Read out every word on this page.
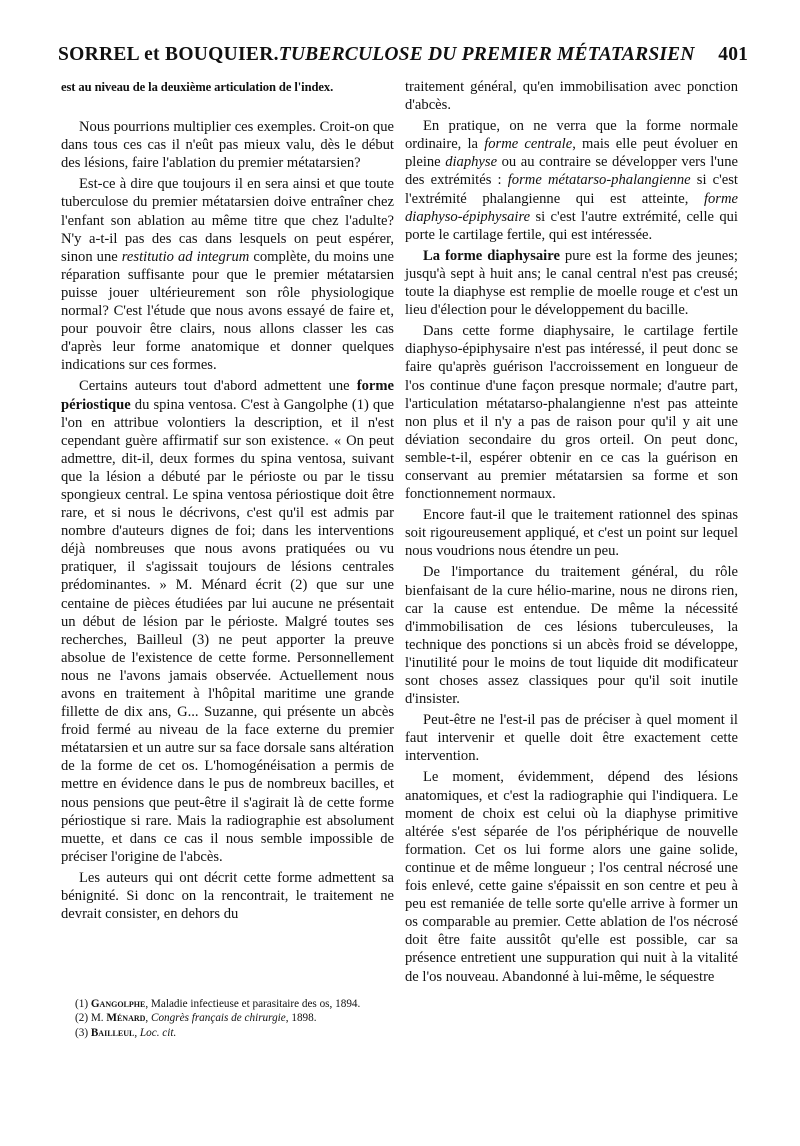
SORREL et BOUQUIER.TUBERCULOSE DU PREMIER MÉTATARSIEN 401

est au niveau de la deuxième articulation de l'index.

Nous pourrions multiplier ces exemples. Croit-on que dans tous ces cas il n'eût pas mieux valu, dès le début des lésions, faire l'ablation du premier métatarsien?

Est-ce à dire que toujours il en sera ainsi et que toute tuberculose du premier métatarsien doive entraîner chez l'enfant son ablation au même titre que chez l'adulte? N'y a-t-il pas des cas dans lesquels on peut espérer, sinon une restitutio ad integrum complète, du moins une réparation suffisante pour que le premier métatarsien puisse jouer ultérieurement son rôle physiologique normal? C'est l'étude que nous avons essayé de faire et, pour pouvoir être clairs, nous allons classer les cas d'après leur forme anatomique et donner quelques indications sur ces formes.

Certains auteurs tout d'abord admettent une forme périostique du spina ventosa. C'est à Gangolphe (1) que l'on en attribue volontiers la description, et il n'est cependant guère affirmatif sur son existence. « On peut admettre, dit-il, deux formes du spina ventosa, suivant que la lésion a débuté par le périoste ou par le tissu spongieux central. Le spina ventosa périostique doit être rare, et si nous le décrivons, c'est qu'il est admis par nombre d'auteurs dignes de foi; dans les interventions déjà nombreuses que nous avons pratiquées ou vu pratiquer, il s'agissait toujours de lésions centrales prédominantes. » M. Ménard écrit (2) que sur une centaine de pièces étudiées par lui aucune ne présentait un début de lésion par le périoste. Malgré toutes ses recherches, Bailleul (3) ne peut apporter la preuve absolue de l'existence de cette forme. Personnellement nous ne l'avons jamais observée. Actuellement nous avons en traitement à l'hôpital maritime une grande fillette de dix ans, G... Suzanne, qui présente un abcès froid fermé au niveau de la face externe du premier métatarsien et un autre sur sa face dorsale sans altération de la forme de cet os. L'homogénéisation a permis de mettre en évidence dans le pus de nombreux bacilles, et nous pensions que peut-être il s'agirait là de cette forme périostique si rare. Mais la radiographie est absolument muette, et dans ce cas il nous semble impossible de préciser l'origine de l'abcès.

Les auteurs qui ont décrit cette forme admettent sa bénignité. Si donc on la rencontrait, le traitement ne devrait consister, en dehors du

(1) Gangolphe, Maladie infectieuse et parasitaire des os, 1894.

(2) M. Ménard, Congrès français de chirurgie, 1898.

(3) Bailleul, Loc. cit.

traitement général, qu'en immobilisation avec ponction d'abcès.

En pratique, on ne verra que la forme normale ordinaire, la forme centrale, mais elle peut évoluer en pleine diaphyse ou au contraire se développer vers l'une des extrémités : forme métatarso-phalangienne si c'est l'extrémité phalangienne qui est atteinte, forme diaphyso-épiphysaire si c'est l'autre extrémité, celle qui porte le cartilage fertile, qui est intéressée.

La forme diaphysaire pure est la forme des jeunes; jusqu'à sept à huit ans; le canal central n'est pas creusé; toute la diaphyse est remplie de moelle rouge et c'est un lieu d'élection pour le développement du bacille.

Dans cette forme diaphysaire, le cartilage fertile diaphyso-épiphysaire n'est pas intéressé, il peut donc se faire qu'après guérison l'accroissement en longueur de l'os continue d'une façon presque normale; d'autre part, l'articulation métatarso-phalangienne n'est pas atteinte non plus et il n'y a pas de raison pour qu'il y ait une déviation secondaire du gros orteil. On peut donc, semble-t-il, espérer obtenir en ce cas la guérison en conservant au premier métatarsien sa forme et son fonctionnement normaux.

Encore faut-il que le traitement rationnel des spinas soit rigoureusement appliqué, et c'est un point sur lequel nous voudrions nous étendre un peu.

De l'importance du traitement général, du rôle bienfaisant de la cure hélio-marine, nous ne dirons rien, car la cause est entendue. De même la nécessité d'immobilisation de ces lésions tuberculeuses, la technique des ponctions si un abcès froid se développe, l'inutilité pour le moins de tout liquide dit modificateur sont choses assez classiques pour qu'il soit inutile d'insister.

Peut-être ne l'est-il pas de préciser à quel moment il faut intervenir et quelle doit être exactement cette intervention.

Le moment, évidemment, dépend des lésions anatomiques, et c'est la radiographie qui l'indiquera. Le moment de choix est celui où la diaphyse primitive altérée s'est séparée de l'os périphérique de nouvelle formation. Cet os lui forme alors une gaine solide, continue et de même longueur ; l'os central nécrosé une fois enlevé, cette gaine s'épaissit en son centre et peu à peu est remaniée de telle sorte qu'elle arrive à former un os comparable au premier. Cette ablation de l'os nécrosé doit être faite aussitôt qu'elle est possible, car sa présence entretient une suppuration qui nuit à la vitalité de l'os nouveau. Abandonné à lui-même, le séquestre
